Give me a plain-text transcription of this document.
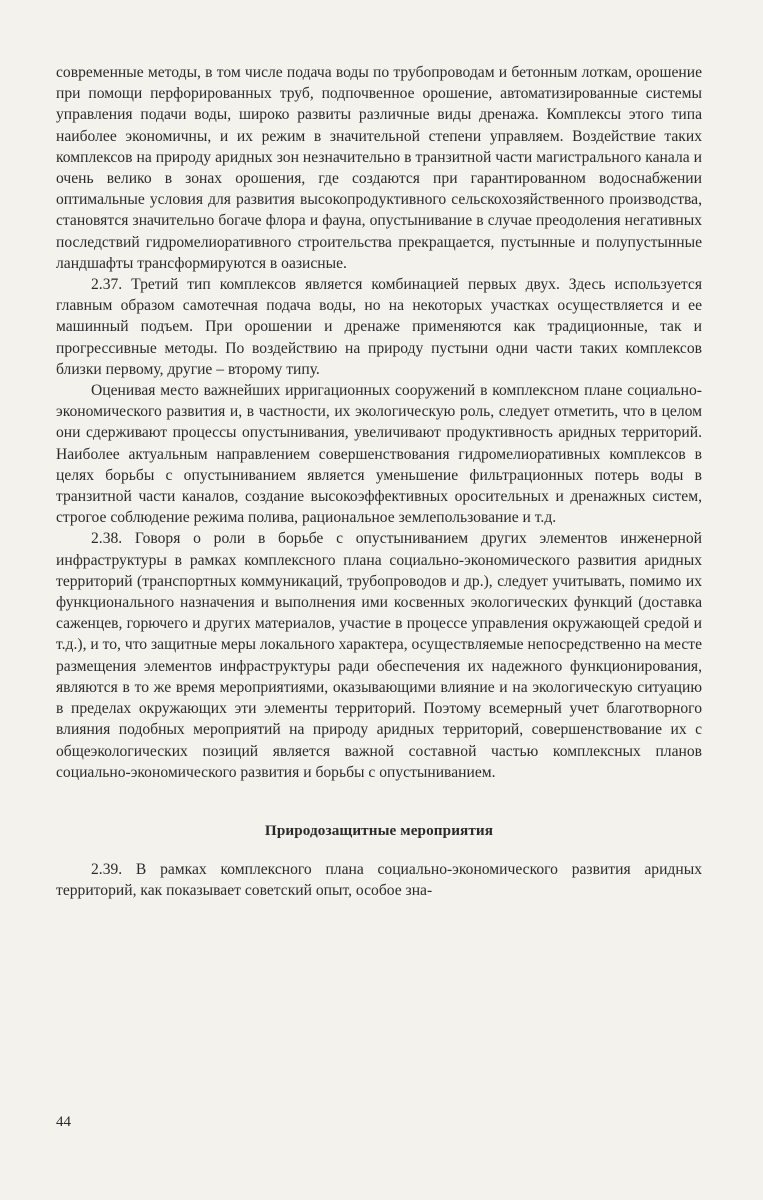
современные методы, в том числе подача воды по трубопроводам и бетонным лоткам, орошение при помощи перфорированных труб, подпочвенное орошение, автоматизированные системы управления подачи воды, широко развиты различные виды дренажа. Комплексы этого типа наиболее экономичны, и их режим в значительной степени управляем. Воздействие таких комплексов на природу аридных зон незначительно в транзитной части магистрального канала и очень велико в зонах орошения, где создаются при гарантированном водоснабжении оптимальные условия для развития высокопродуктивного сельскохозяйственного производства, становятся значительно богаче флора и фауна, опустынивание в случае преодоления негативных последствий гидромелиоративного строительства прекращается, пустынные и полупустынные ландшафты трансформируются в оазисные.

2.37. Третий тип комплексов является комбинацией первых двух. Здесь используется главным образом самотечная подача воды, но на некоторых участках осуществляется и ее машинный подъем. При орошении и дренаже применяются как традиционные, так и прогрессивные методы. По воздействию на природу пустыни одни части таких комплексов близки первому, другие – второму типу.

Оценивая место важнейших ирригационных сооружений в комплексном плане социально-экономического развития и, в частности, их экологическую роль, следует отметить, что в целом они сдерживают процессы опустынивания, увеличивают продуктивность аридных территорий. Наиболее актуальным направлением совершенствования гидромелиоративных комплексов в целях борьбы с опустыниванием является уменьшение фильтрационных потерь воды в транзитной части каналов, создание высокоэффективных оросительных и дренажных систем, строгое соблюдение режима полива, рациональное землепользование и т.д.

2.38. Говоря о роли в борьбе с опустыниванием других элементов инженерной инфраструктуры в рамках комплексного плана социально-экономического развития аридных территорий (транспортных коммуникаций, трубопроводов и др.), следует учитывать, помимо их функционального назначения и выполнения ими косвенных экологических функций (доставка саженцев, горючего и других материалов, участие в процессе управления окружающей средой и т.д.), и то, что защитные меры локального характера, осуществляемые непосредственно на месте размещения элементов инфраструктуры ради обеспечения их надежного функционирования, являются в то же время мероприятиями, оказывающими влияние и на экологическую ситуацию в пределах окружающих эти элементы территорий. Поэтому всемерный учет благотворного влияния подобных мероприятий на природу аридных территорий, совершенствование их с общеэкологических позиций является важной составной частью комплексных планов социально-экономического развития и борьбы с опустыниванием.

Природозащитные мероприятия

2.39. В рамках комплексного плана социально-экономического развития аридных территорий, как показывает советский опыт, особое зна-

44
